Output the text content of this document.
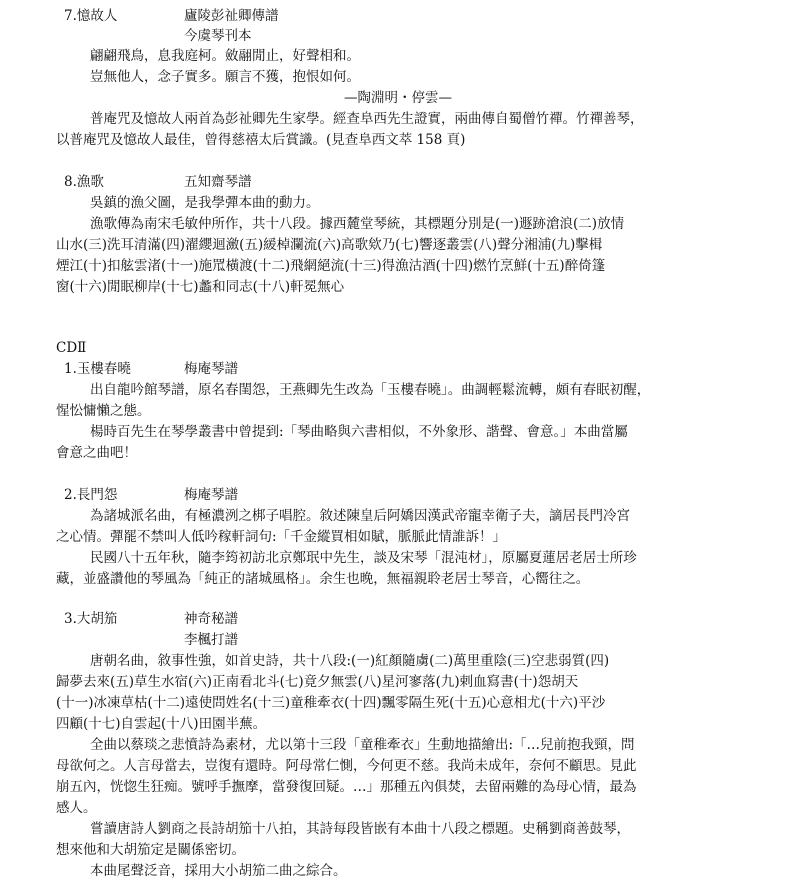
7.憶故人	廬陵彭祉卿傳譜
今虞琴刊本
翩翩飛鳥，息我庭柯。斂翮閒止，好聲相和。
豈無他人，念子實多。願言不獲，抱恨如何。
—陶淵明・停雲—
普庵咒及憶故人兩首為彭祉卿先生家學。經查阜西先生證實，兩曲傳自蜀僧竹禪。竹禪善琴，
以普庵咒及憶故人最佳，曾得慈禧太后賞識。(見查阜西文萃 158 頁)
8.漁歌	五知齋琴譜
吳鎮的漁父圖，是我學彈本曲的動力。
漁歌傳為南宋毛敏仲所作，共十八段。據西麓堂琴統，其標題分別是(一)遯跡滄浪(二)放情
山水(三)洗耳清滿(四)濯纓迴瀲(五)緩棹瀾流(六)高歌欸乃(七)響逐叢雲(八)聲分湘浦(九)擊楫
煙江(十)扣舷雲渚(十一)施罛橫渡(十二)飛網絕流(十三)得漁沽酒(十四)燃竹烹鮮(十五)醉倚篷
窗(十六)閒眠柳岸(十七)蠡和同志(十八)軒冕無心
CDⅡ
1.玉樓春曉	梅庵琴譜
出自龍吟館琴譜，原名春閨怨，王燕卿先生改為「玉樓春曉」。曲調輕鬆流轉，頗有春眠初醒，
惺忪慵懶之態。
楊時百先生在琴學叢書中曾提到:「琴曲略與六書相似，不外象形、諧聲、會意。」本曲當屬
會意之曲吧！
2.長門怨	梅庵琴譜
為諸城派名曲，有極濃洌之梆子唱腔。敘述陳皇后阿嬌因漢武帝寵幸衛子夫，謫居長門冷宮
之心情。彈罷不禁叫人低吟稼軒詞句:「千金縱買相如賦，脈脈此情誰訴！」
民國八十五年秋，隨李筠初訪北京鄭珉中先生，談及宋琴「混沌材」，原屬夏蓮居老居士所珍
藏，並盛讚他的琴風為「純正的諸城風格」。余生也晚，無福親聆老居士琴音，心嚮往之。
3.大胡笳	神奇秘譜
李楓打譜
唐朝名曲，敘事性強，如首史詩，共十八段:(一)紅顏隨虜(二)萬里重陰(三)空悲弱質(四)
歸夢去來(五)草生水宿(六)正南看北斗(七)竟夕無雲(八)星河寥落(九)剌血寫書(十)怨胡天
(十一)冰凍草枯(十二)遠使問姓名(十三)童稚牽衣(十四)飄零隔生死(十五)心意相尤(十六)平沙
四顧(十七)自雲起(十八)田園半蕪。
全曲以蔡琰之悲憤詩為素材，尤以第十三段「童稚牽衣」生動地描繪出:「…兒前抱我頸，問
母欲何之。人言母當去，豈復有還時。阿母常仁惻，今何更不慈。我尚未成年，奈何不顧思。見此
崩五內，恍惚生狂痴。號呼手撫摩，當發復回疑。…」那種五內俱焚，去留兩難的為母心情，最為
感人。
嘗讀唐詩人劉商之長詩胡笳十八拍，其詩每段皆嵌有本曲十八段之標題。史稱劉商善鼓琴，
想來他和大胡笳定是關係密切。
本曲尾聲泛音，採用大小胡笳二曲之綜合。
